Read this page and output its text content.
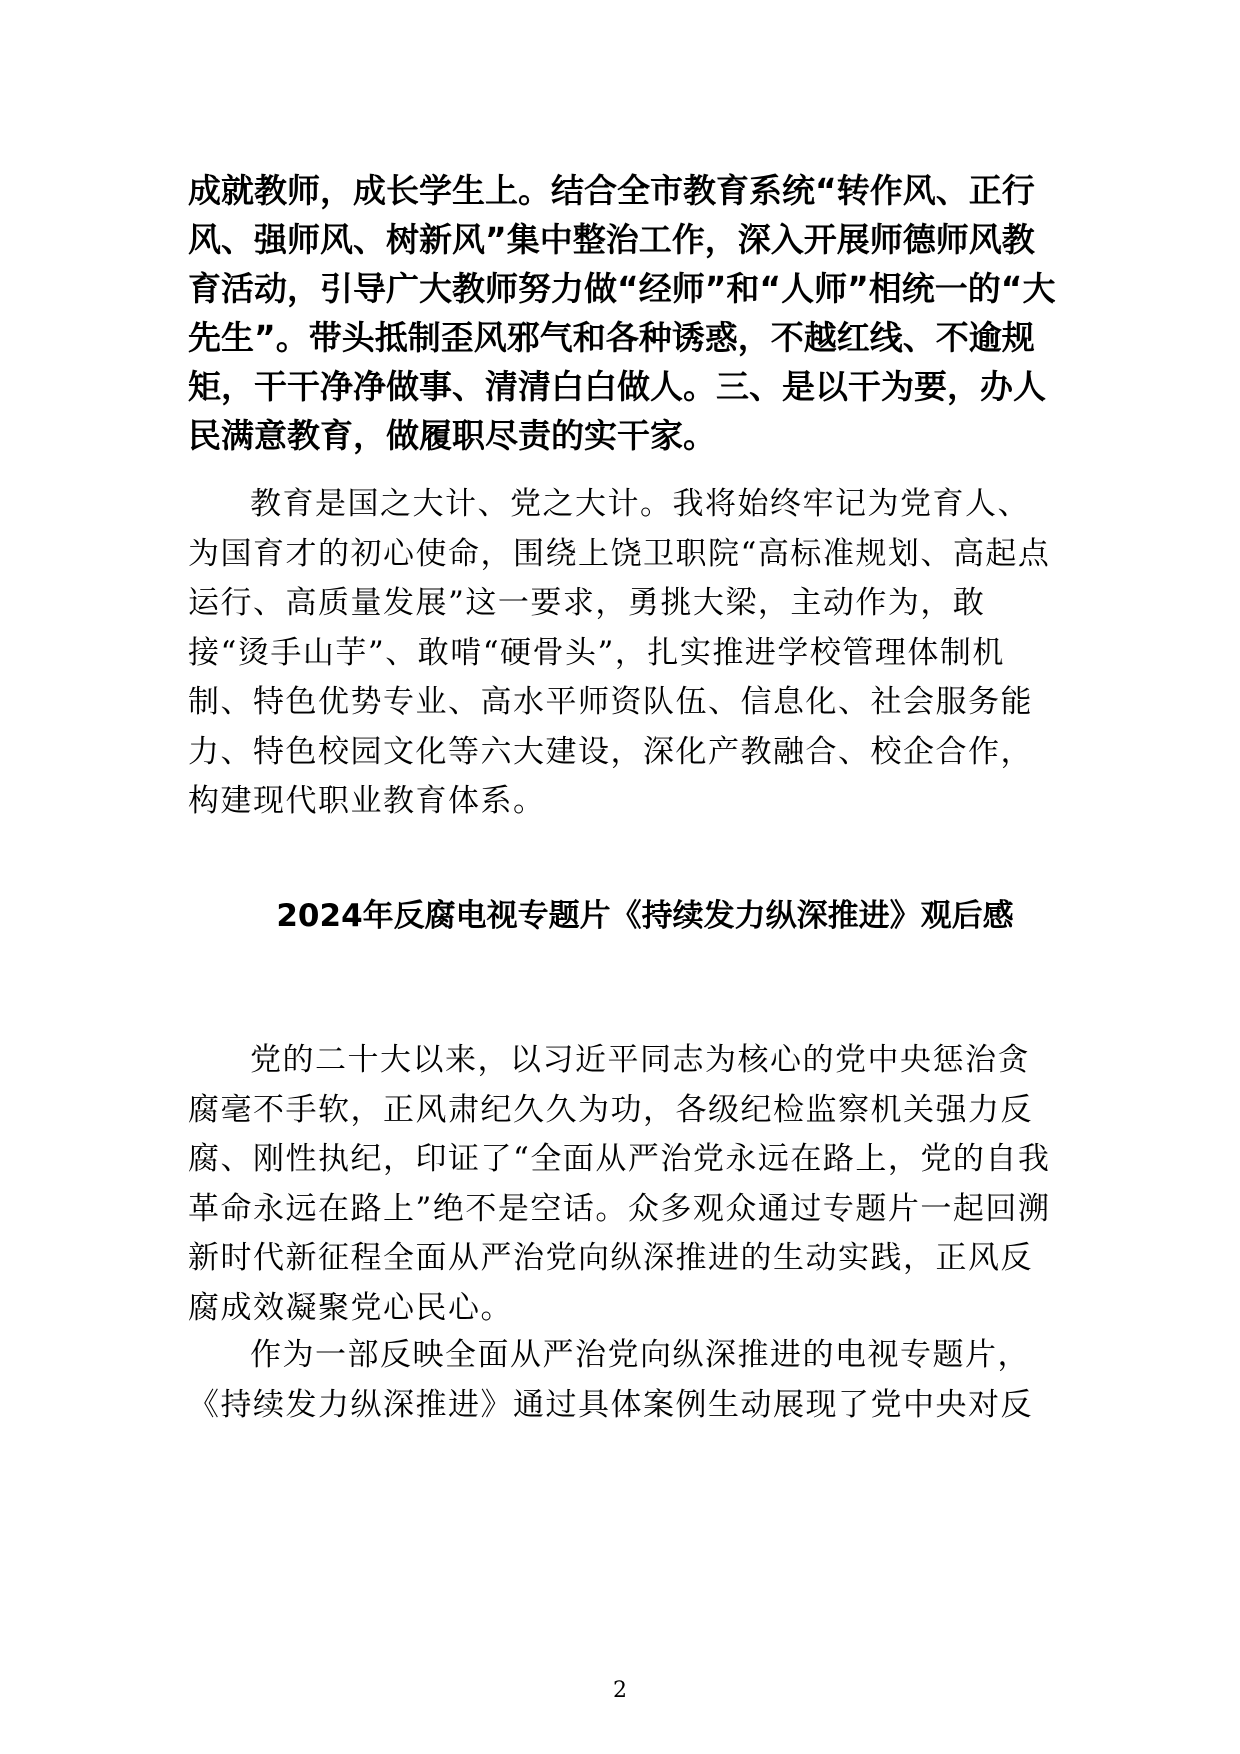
成就教师，成长学生上。结合全市教育系统“转作风、正行风、强师风、树新风”集中整治工作，深入开展师德师风教育活动，引导广大教师努力做“经师”和“人师”相统一的“大先生”。带头抵制歪风邪气和各种诱惑，不越红线、不逾规矩，干干净净做事、清清白白做人。三、是以干为要，办人民满意教育，做履职尽责的实干家。

教育是国之大计、党之大计。我将始终牢记为党育人、为国育才的初心使命，围绕上饶卫职院“高标准规划、高起点运行、高质量发展”这一要求，勇挑大梁，主动作为，敢接“烫手山芋”、敢啃“硬骨头”，扎实推进学校管理体制机制、特色优势专业、高水平师资队伍、信息化、社会服务能力、特色校园文化等六大建设，深化产教融合、校企合作，构建现代职业教育体系。

2024年反腐电视专题片《持续发力纵深推进》观后感

党的二十大以来，以习近平同志为核心的党中央惩治贪腐毫不手软，正风肃纪久久为功，各级纪检监察机关强力反腐、刚性执纪，印证了“全面从严治党永远在路上，党的自我革命永远在路上”绝不是空话。众多观众通过专题片一起回溯新时代新征程全面从严治党向纵深推进的生动实践，正风反腐成效凝聚党心民心。

作为一部反映全面从严治党向纵深推进的电视专题片，《持续发力纵深推进》通过具体案例生动展现了党中央对反

2
